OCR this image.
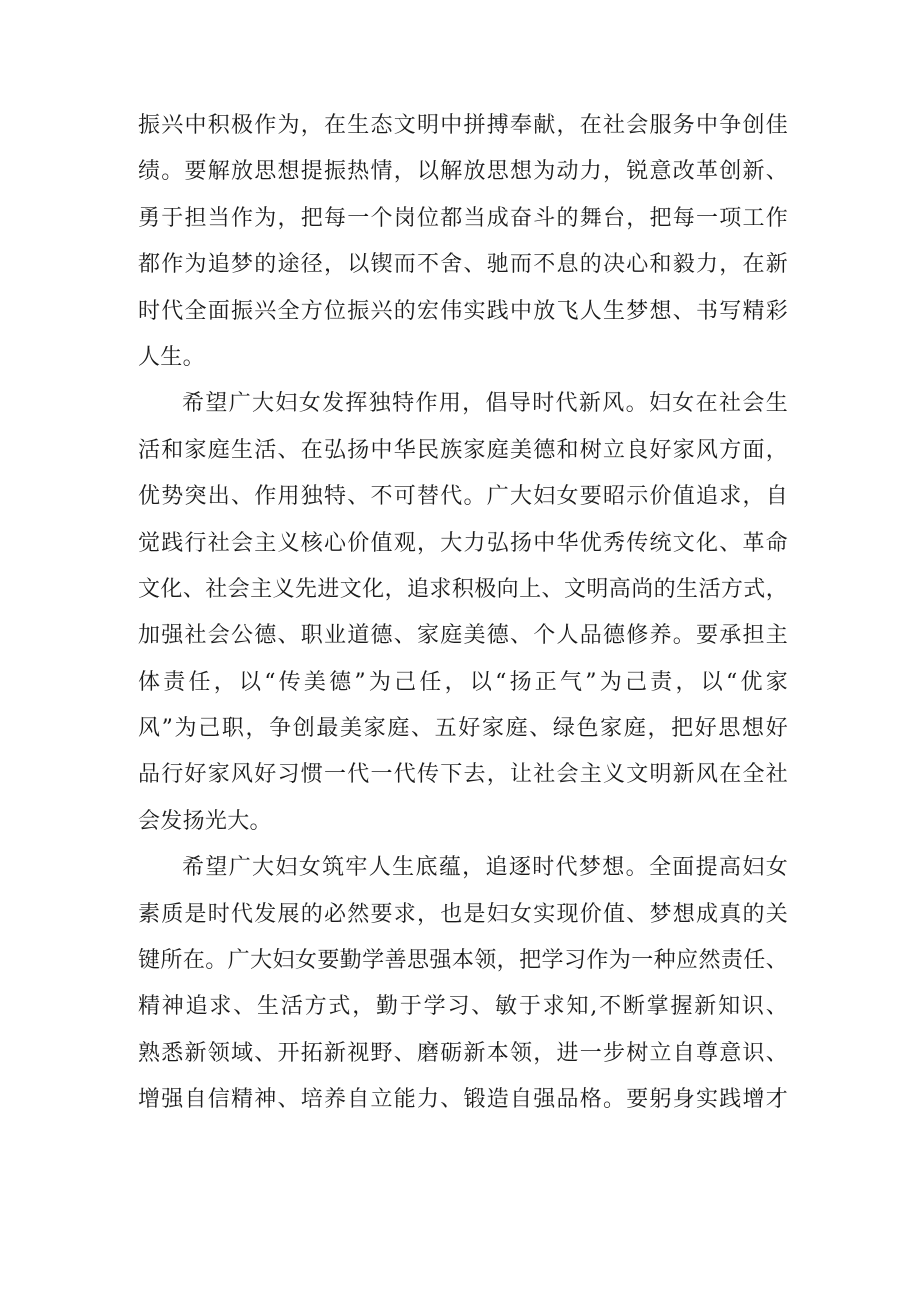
振兴中积极作为，在生态文明中拼搏奉献，在社会服务中争创佳
绩。要解放思想提振热情，以解放思想为动力，锐意改革创新、
勇于担当作为，把每一个岗位都当成奋斗的舞台，把每一项工作
都作为追梦的途径，以锲而不舍、驰而不息的决心和毅力，在新
时代全面振兴全方位振兴的宏伟实践中放飞人生梦想、书写精彩
人生。
希望广大妇女发挥独特作用，倡导时代新风。妇女在社会生
活和家庭生活、在弘扬中华民族家庭美德和树立良好家风方面，
优势突出、作用独特、不可替代。广大妇女要昭示价值追求，自
觉践行社会主义核心价值观，大力弘扬中华优秀传统文化、革命
文化、社会主义先进文化，追求积极向上、文明高尚的生活方式，
加强社会公德、职业道德、家庭美德、个人品德修养。要承担主
体责任，以“传美德”为己任，以“扬正气”为己责，以“优家
风”为己职，争创最美家庭、五好家庭、绿色家庭，把好思想好
品行好家风好习惯一代一代传下去，让社会主义文明新风在全社
会发扬光大。
希望广大妇女筑牢人生底蕴，追逐时代梦想。全面提高妇女
素质是时代发展的必然要求，也是妇女实现价值、梦想成真的关
键所在。广大妇女要勤学善思强本领，把学习作为一种应然责任、
精神追求、生活方式，勤于学习、敏于求知,不断掌握新知识、
熟悉新领域、开拓新视野、磨砺新本领，进一步树立自尊意识、
增强自信精神、培养自立能力、锻造自强品格。要躬身实践增才
